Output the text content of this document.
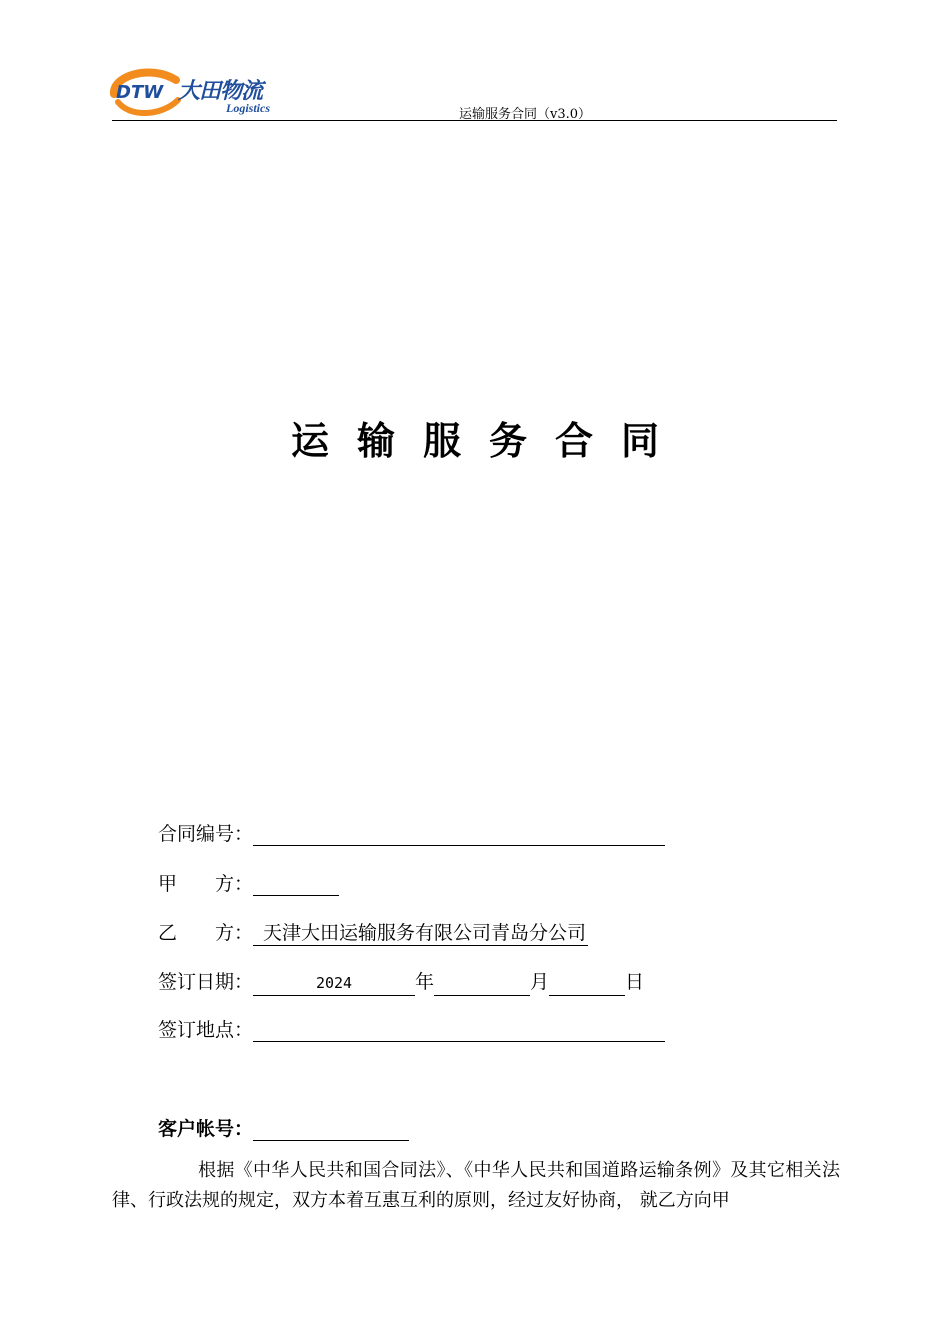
DTW 大田物流
Logistics	运输服务合同（v3.0）
运输服务合同
合同编号：
甲　　方：
乙　　方： 天津大田运输服务有限公司青岛分公司
签订日期：	2024	年	月	日
签订地点：
客户帐号：
根据《中华人民共和国合同法》、《中华人民共和国道路运输条例》及其它相关法律、行政法规的规定，双方本着互惠互利的原则，经过友好协商， 就乙方向甲
